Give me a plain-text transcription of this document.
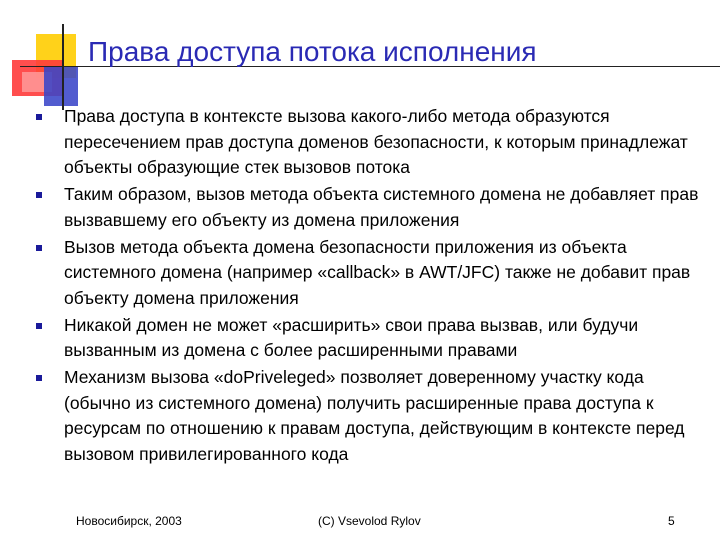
Права доступа потока исполнения
Права доступа в контексте вызова какого-либо метода образуются пересечением прав доступа доменов безопасности, к которым принадлежат объекты образующие стек вызовов потока
Таким образом, вызов метода объекта системного домена не добавляет прав вызвавшему его объекту из домена приложения
Вызов метода объекта домена безопасности приложения из объекта системного домена (например «callback» в AWT/JFC) также не добавит прав объекту домена приложения
Никакой домен не может «расширить» свои права вызвав, или будучи вызванным из домена с более расширенными правами
Механизм вызова «doPriveleged» позволяет доверенному участку кода (обычно из системного домена) получить расширенные права доступа к ресурсам по отношению к правам доступа, действующим в контексте перед вызовом привилегированного кода
Новосибирск, 2003	(C) Vsevolod Rylov	5
